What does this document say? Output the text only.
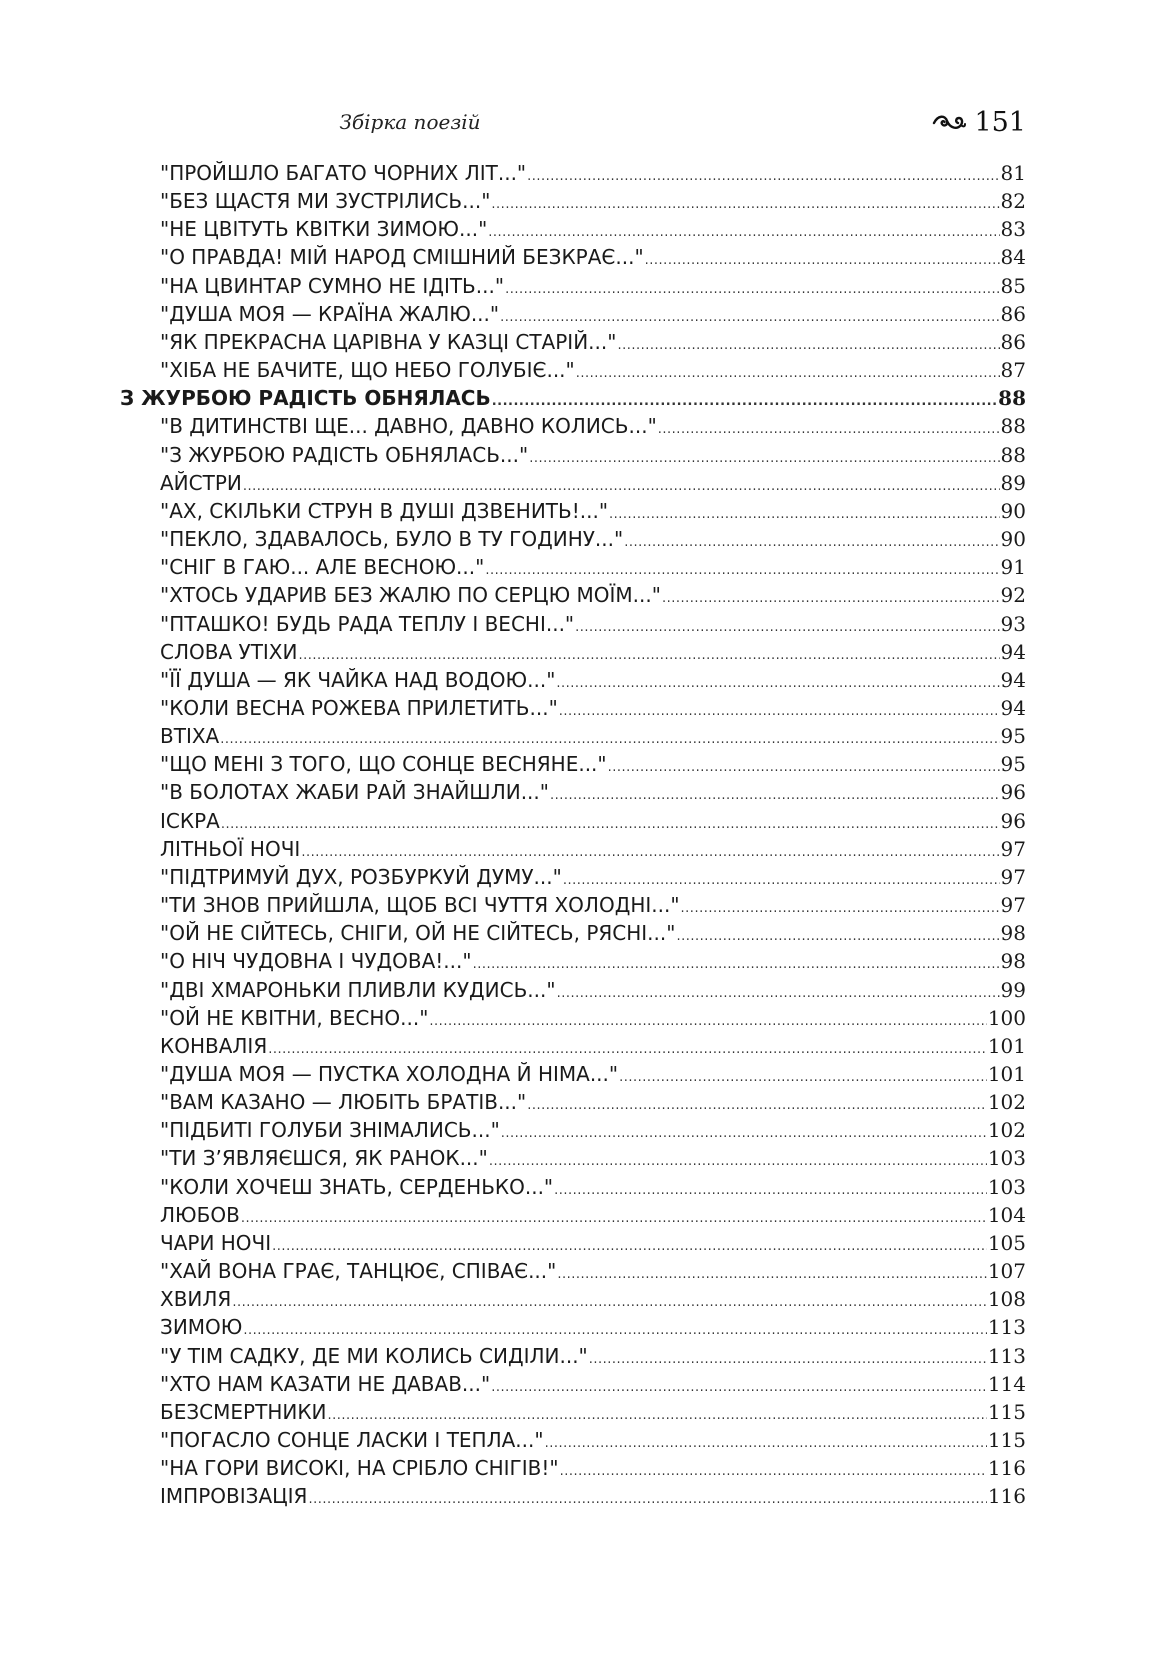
Збірка поезій	151
"ПРОЙШЛО БАГАТО ЧОРНИХ ЛІТ..." .....	81
"БЕЗ ЩАСТЯ МИ ЗУСТРІЛИСЬ..." .....	82
"НЕ ЦВІТУТЬ КВІТКИ ЗИМОЮ..." .....	83
"О ПРАВДА! МІЙ НАРОД СМІШНИЙ БЕЗКРАЄ..." .....	84
"НА ЦВИНТАР СУМНО НЕ ІДІТЬ..." .....	85
"ДУША МОЯ — КРАЇНА ЖАЛЮ..." .....	86
"ЯК ПРЕКРАСНА ЦАРІВНА У КАЗЦІ СТАРІЙ..." .....	86
"ХІБА НЕ БАЧИТЕ, ЩО НЕБО ГОЛУБІЄ..." .....	87
З ЖУРБОЮ РАДІСТЬ ОБНЯЛАСЬ .....	88
"В ДИТИНСТВІ ЩЕ... ДАВНО, ДАВНО КОЛИСЬ..." .....	88
"З ЖУРБОЮ РАДІСТЬ ОБНЯЛАСЬ..." .....	88
АЙСТРИ .....	89
"АХ, СКІЛЬКИ СТРУН В ДУШІ ДЗВЕНИТЬ!..." .....	90
"ПЕКЛО, ЗДАВАЛОСЬ, БУЛО В ТУ ГОДИНУ..." .....	90
"СНІГ В ГАЮ... АЛЕ ВЕСНОЮ..." .....	91
"ХТОСЬ УДАРИВ БЕЗ ЖАЛЮ ПО СЕРЦЮ МОЇМ..." .....	92
"ПТАШКО! БУДЬ РАДА ТЕПЛУ І ВЕСНІ..." .....	93
СЛОВА УТІХИ .....	94
"ЇЇ ДУША — ЯК ЧАЙКА НАД ВОДОЮ..." .....	94
"КОЛИ ВЕСНА РОЖЕВА ПРИЛЕТИТЬ..." .....	94
ВТІХА .....	95
"ЩО МЕНІ З ТОГО, ЩО СОНЦЕ ВЕСНЯНЕ..." .....	95
"В БОЛОТАХ ЖАБИ РАЙ ЗНАЙШЛИ..." .....	96
ІСКРА .....	96
ЛІТНЬОЇ НОЧІ .....	97
"ПІДТРИМУЙ ДУХ, РОЗБУРКУЙ ДУМУ..." .....	97
"ТИ ЗНОВ ПРИЙШЛА, ЩОБ ВСІ ЧУТТЯ ХОЛОДНІ..." .....	97
"ОЙ НЕ СІЙТЕСЬ, СНІГИ, ОЙ НЕ СІЙТЕСЬ, РЯСНІ..." .....	98
"О НІЧ ЧУДОВНА І ЧУДОВА!..." .....	98
"ДВІ ХМАРОНЬКИ ПЛИВЛИ КУДИСЬ..." .....	99
"ОЙ НЕ КВІТНИ, ВЕСНО..." .....	100
КОНВАЛІЯ .....	101
"ДУША МОЯ — ПУСТКА ХОЛОДНА Й НІМА..." .....	101
"ВАМ КАЗАНО — ЛЮБІТЬ БРАТІВ..." .....	102
"ПІДБИТІ ГОЛУБИ ЗНІМАЛИСЬ..." .....	102
"ТИ З’ЯВЛЯЄШСЯ, ЯК РАНОК..." .....	103
"КОЛИ ХОЧЕШ ЗНАТЬ, СЕРДЕНЬКО..." .....	103
ЛЮБОВ .....	104
ЧАРИ НОЧІ .....	105
"ХАЙ ВОНА ГРАЄ, ТАНЦЮЄ, СПІВАЄ..." .....	107
ХВИЛЯ .....	108
ЗИМОЮ .....	113
"У ТІМ САДКУ, ДЕ МИ КОЛИСЬ СИДІЛИ..." .....	113
"ХТО НАМ КАЗАТИ НЕ ДАВАВ..." .....	114
БЕЗСМЕРТНИКИ .....	115
"ПОГАСЛО СОНЦЕ ЛАСКИ І ТЕПЛА..." .....	115
"НА ГОРИ ВИСОКІ, НА СРІБЛО СНІГІВ!" .....	116
ІМПРОВІЗАЦІЯ .....	116
